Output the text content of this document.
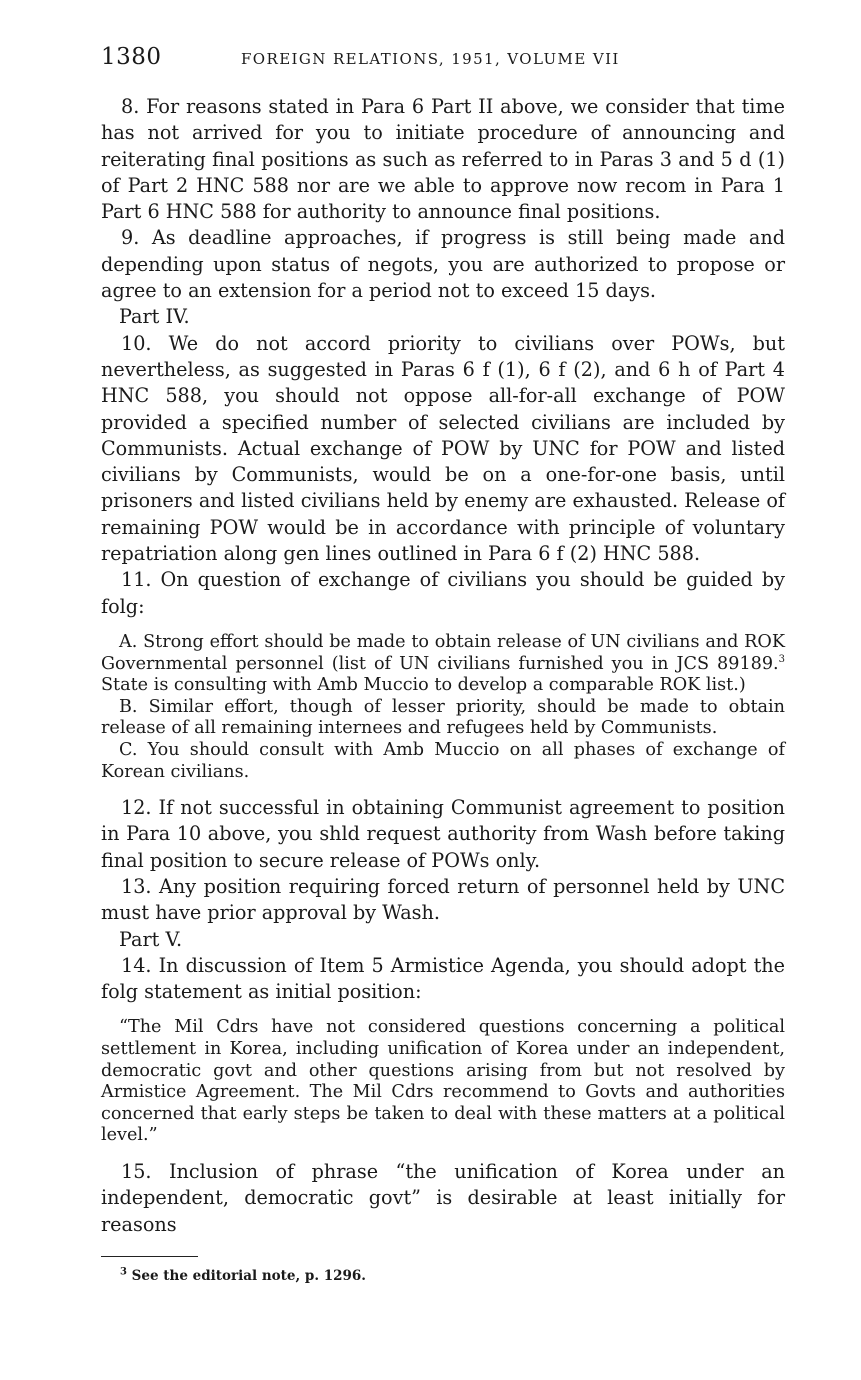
1380	FOREIGN RELATIONS, 1951, VOLUME VII

8. For reasons stated in Para 6 Part II above, we consider that time has not arrived for you to initiate procedure of announcing and reiterating final positions as such as referred to in Paras 3 and 5 d (1) of Part 2 HNC 588 nor are we able to approve now recom in Para 1 Part 6 HNC 588 for authority to announce final positions.

9. As deadline approaches, if progress is still being made and depending upon status of negots, you are authorized to propose or agree to an extension for a period not to exceed 15 days.

Part IV.

10. We do not accord priority to civilians over POWs, but nevertheless, as suggested in Paras 6 f (1), 6 f (2), and 6 h of Part 4 HNC 588, you should not oppose all-for-all exchange of POW provided a specified number of selected civilians are included by Communists. Actual exchange of POW by UNC for POW and listed civilians by Communists, would be on a one-for-one basis, until prisoners and listed civilians held by enemy are exhausted. Release of remaining POW would be in accordance with principle of voluntary repatriation along gen lines outlined in Para 6 f (2) HNC 588.

11. On question of exchange of civilians you should be guided by folg:

A. Strong effort should be made to obtain release of UN civilians and ROK Governmental personnel (list of UN civilians furnished you in JCS 89189.$^3$ State is consulting with Amb Muccio to develop a comparable ROK list.)

B. Similar effort, though of lesser priority, should be made to obtain release of all remaining internees and refugees held by Communists.

C. You should consult with Amb Muccio on all phases of exchange of Korean civilians.

12. If not successful in obtaining Communist agreement to position in Para 10 above, you shld request authority from Wash before taking final position to secure release of POWs only.

13. Any position requiring forced return of personnel held by UNC must have prior approval by Wash.

Part V.

14. In discussion of Item 5 Armistice Agenda, you should adopt the folg statement as initial position:

“The Mil Cdrs have not considered questions concerning a political settlement in Korea, including unification of Korea under an independent, democratic govt and other questions arising from but not resolved by Armistice Agreement. The Mil Cdrs recommend to Govts and authorities concerned that early steps be taken to deal with these matters at a political level.”

15. Inclusion of phrase “the unification of Korea under an independent, democratic govt” is desirable at least initially for reasons

$^3$ See the editorial note, p. 1296.
